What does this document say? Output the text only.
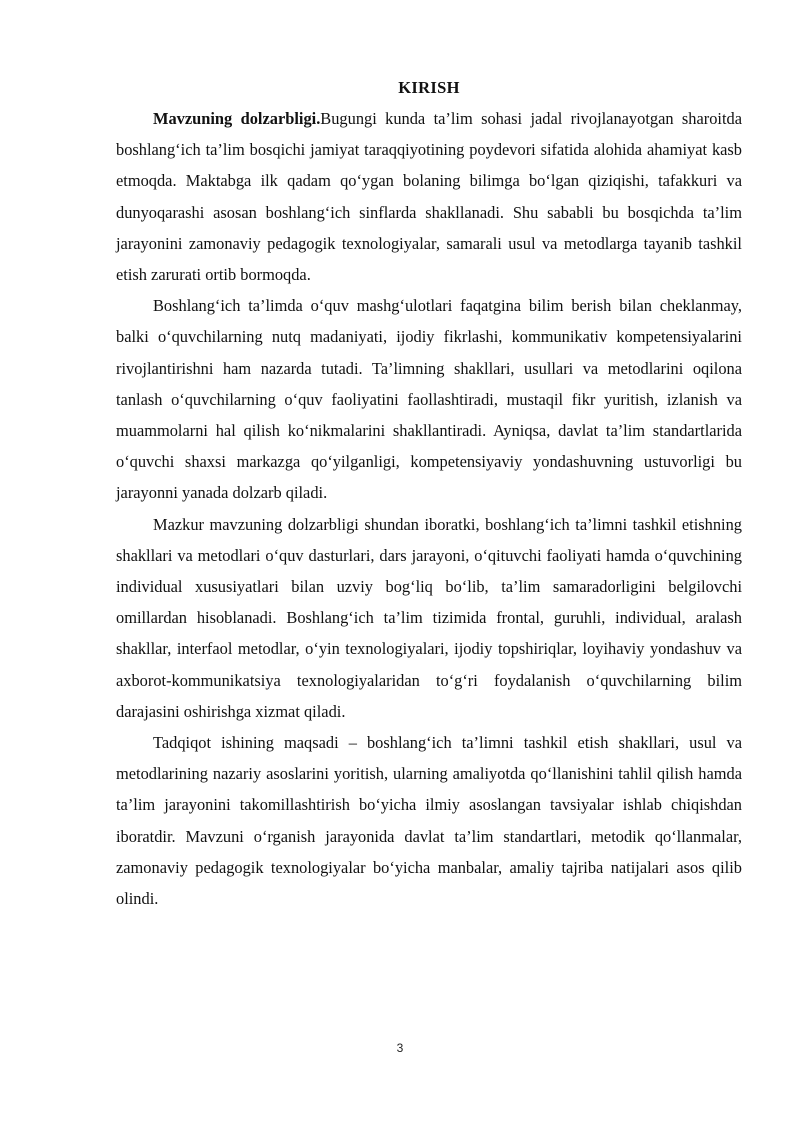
KIRISH

Mavzuning dolzarbligi.Bugungi kunda ta’lim sohasi jadal rivojlanayotgan sharoitda boshlang‘ich ta’lim bosqichi jamiyat taraqqiyotining poydevori sifatida alohida ahamiyat kasb etmoqda. Maktabga ilk qadam qo‘ygan bolaning bilimga bo‘lgan qiziqishi, tafakkuri va dunyoqarashi asosan boshlang‘ich sinflarda shakllanadi. Shu sababli bu bosqichda ta’lim jarayonini zamonaviy pedagogik texnologiyalar, samarali usul va metodlarga tayanib tashkil etish zarurati ortib bormoqda.

Boshlang‘ich ta’limda o‘quv mashg‘ulotlari faqatgina bilim berish bilan cheklanmay, balki o‘quvchilarning nutq madaniyati, ijodiy fikrlashi, kommunikativ kompetensiyalarini rivojlantirishni ham nazarda tutadi. Ta’limning shakllari, usullari va metodlarini oqilona tanlash o‘quvchilarning o‘quv faoliyatini faollashtiradi, mustaqil fikr yuritish, izlanish va muammolarni hal qilish ko‘nikmalarini shakllantiradi. Ayniqsa, davlat ta’lim standartlarida o‘quvchi shaxsi markazga qo‘yilganligi, kompetensiyaviy yondashuvning ustuvorligi bu jarayonni yanada dolzarb qiladi.

Mazkur mavzuning dolzarbligi shundan iboratki, boshlang‘ich ta’limni tashkil etishning shakllari va metodlari o‘quv dasturlari, dars jarayoni, o‘qituvchi faoliyati hamda o‘quvchining individual xususiyatlari bilan uzviy bog‘liq bo‘lib, ta’lim samaradorligini belgilovchi omillardan hisoblanadi. Boshlang‘ich ta’lim tizimida frontal, guruhli, individual, aralash shakllar, interfaol metodlar, o‘yin texnologiyalari, ijodiy topshiriqlar, loyihaviy yondashuv va axborot-kommunikatsiya texnologiyalaridan to‘g‘ri foydalanish o‘quvchilarning bilim darajasini oshirishga xizmat qiladi.

Tadqiqot ishining maqsadi – boshlang‘ich ta’limni tashkil etish shakllari, usul va metodlarining nazariy asoslarini yoritish, ularning amaliyotda qo‘llanishini tahlil qilish hamda ta’lim jarayonini takomillashtirish bo‘yicha ilmiy asoslangan tavsiyalar ishlab chiqishdan iboratdir. Mavzuni o‘rganish jarayonida davlat ta’lim standartlari, metodik qo‘llanmalar, zamonaviy pedagogik texnologiyalar bo‘yicha manbalar, amaliy tajriba natijalari asos qilib olindi.

3
